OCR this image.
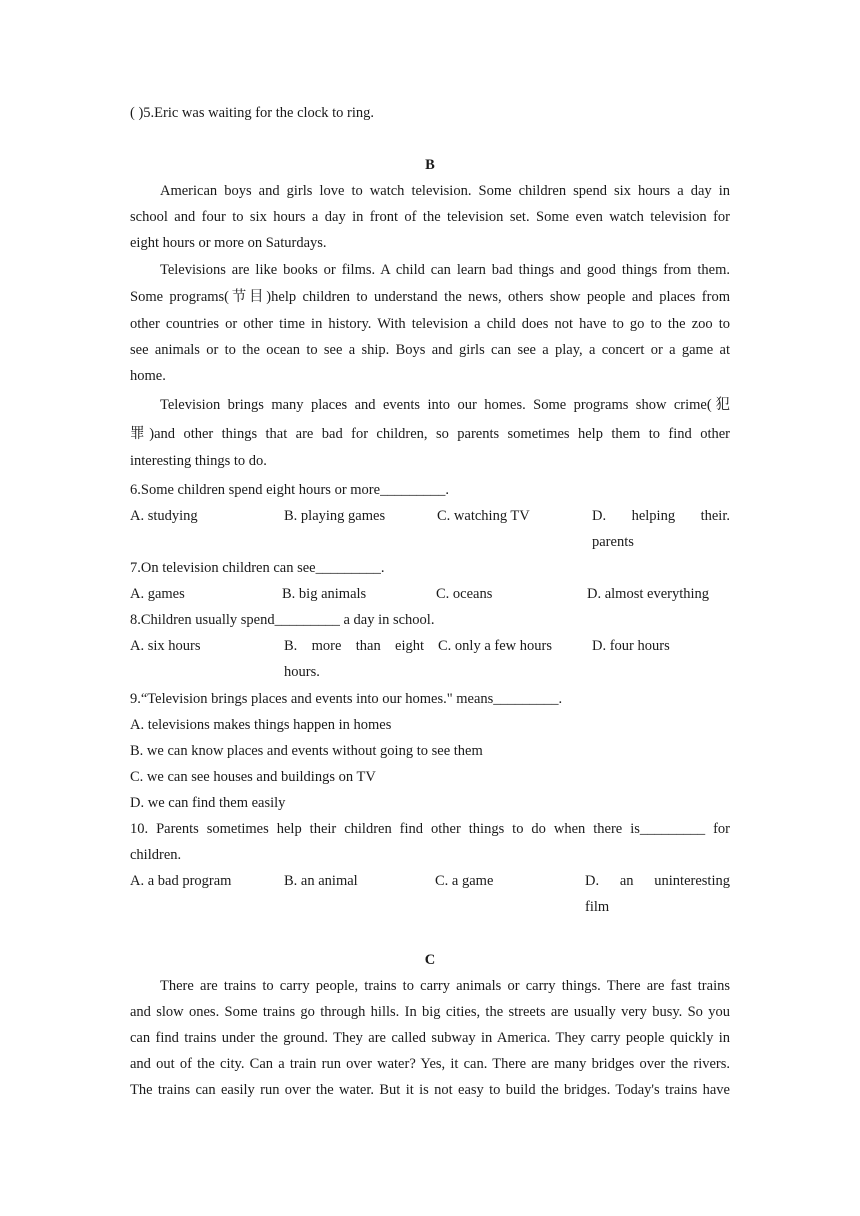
( )5.Eric was waiting for the clock to ring.
B
American boys and girls love to watch television. Some children spend six hours a day in
school and four to six hours a day in front of the television set. Some even watch television for
eight hours or more on Saturdays.
Televisions are like books or films. A child can learn bad things and good things from them.
Some programs(节目)help children to understand the news, others show people and places from
other countries or other time in history. With television a child does not have to go to the zoo to
see animals or to the ocean to see a ship. Boys and girls can see a play, a concert or a game at
home.
Television brings many places and events into our homes. Some programs show crime(犯
罪)and other things that are bad for children, so parents sometimes help them to find other
interesting things to do.
6.Some children spend eight hours or more_________.
A. studying	B. playing games	C. watching TV	D. helping their.
parents
7.On television children can see_________.
A. games	B. big animals	C. oceans	D. almost everything
8.Children usually spend_________ a day in school.
A. six hours	B. more than eight
hours.
C. only a few hours	D. four hours
9.“Television brings places and events into our homes." means_________.
A. televisions makes things happen in homes
B. we can know places and events without going to see them
C. we can see houses and buildings on TV
D. we can find them easily
10. Parents sometimes help their children find other things to do when there is_________ for
children.
A. a bad program	B. an animal	C. a game	D. an uninteresting
film
C
There are trains to carry people, trains to carry animals or carry things. There are fast trains
and slow ones. Some trains go through hills. In big cities, the streets are usually very busy. So you
can find trains under the ground. They are called subway in America. They carry people quickly in
and out of the city. Can a train run over water? Yes, it can. There are many bridges over the rivers.
The trains can easily run over the water. But it is not easy to build the bridges. Today's trains have
